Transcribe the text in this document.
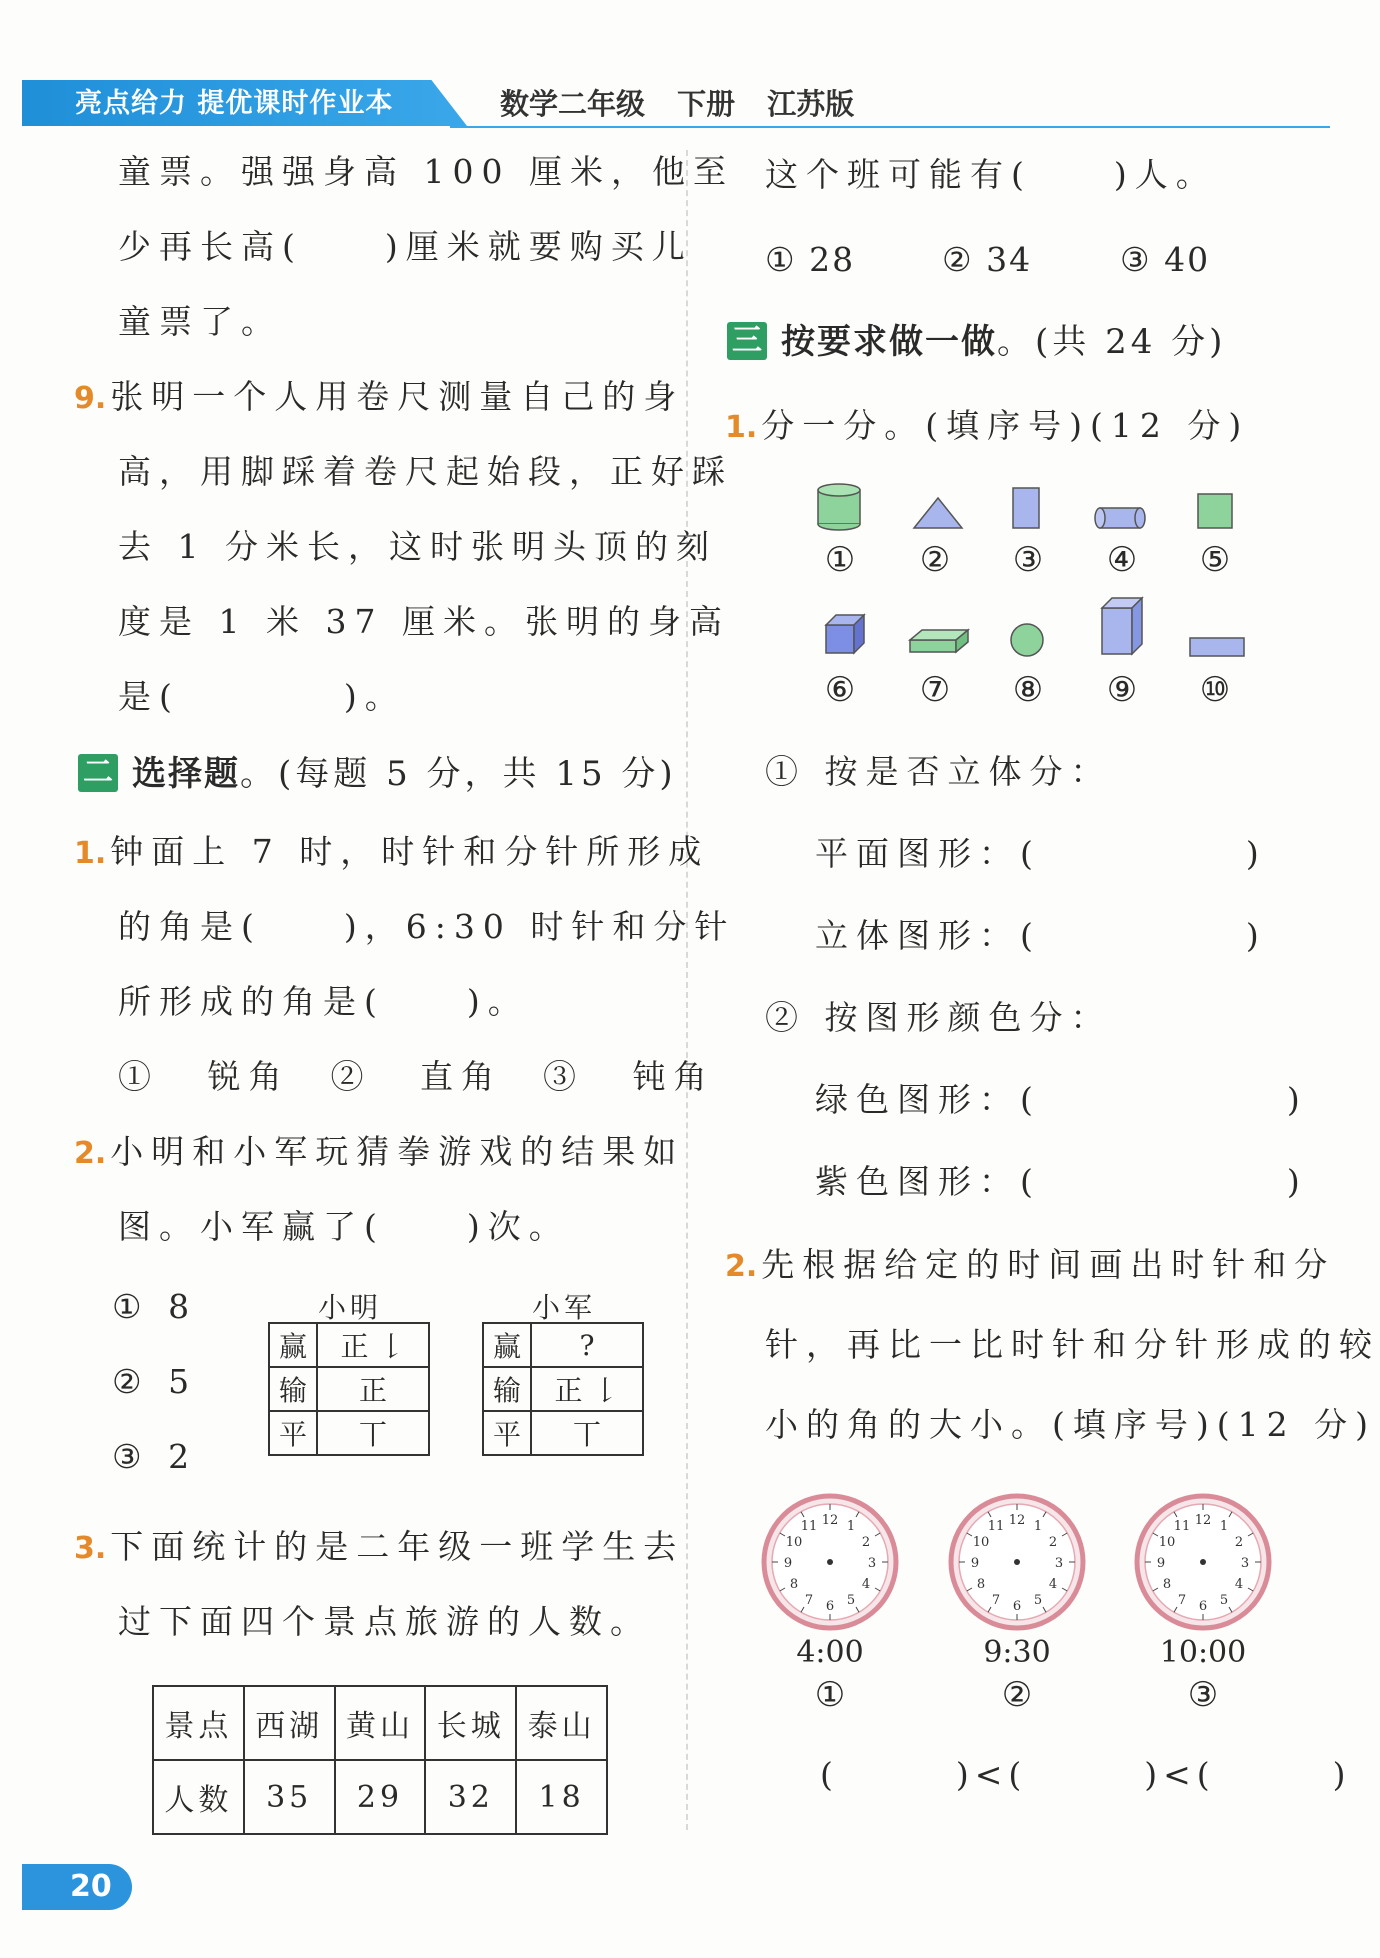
亮点给力 提优课时作业本	数学二年级 下册 江苏版
童票。强强身高 100 厘米，他至
少再长高(　　)厘米就要购买儿
童票了。
9. 张明一个人用卷尺测量自己的身
高，用脚踩着卷尺起始段，正好踩
去 1 分米长，这时张明头顶的刻
度是 1 米 37 厘米。张明的身高
是(　　　　)。
二 选择题。(每题 5 分，共 15 分)
1. 钟面上 7 时，时针和分针所形成
的角是(　　)，6:30 时针和分针
所形成的角是(　　)。
① 锐角　② 直角　③ 钝角
2. 小明和小军玩猜拳游戏的结果如
图。小军赢了(　　)次。
① 8
② 5
③ 2
小明
赢	正 𠄌
输	正
平	丅
小军
赢	?
输	正 𠄌
平	丅
3. 下面统计的是二年级一班学生去
过下面四个景点旅游的人数。
景点	西湖	黄山	长城	泰山
人数	35	29	32	18
这个班可能有(　　)人。
① 28	② 34	③ 40
三 按要求做一做。(共 24 分)
1. 分一分。(填序号)(12 分)
① ② ③ ④ ⑤
⑥ ⑦ ⑧ ⑨ ⑩
① 按是否立体分：
平面图形：(　　　　　)
立体图形：(　　　　　)
② 按图形颜色分：
绿色图形：(　　　　　　)
紫色图形：(　　　　　　)
2. 先根据给定的时间画出时针和分
针，再比一比时针和分针形成的较
小的角的大小。(填序号)(12 分)
12 1
2
3
6
7
8
9
10
11
4:00	9:30	10:00
①	②	③
(　　　)<(　　　)<(　　　)
20
